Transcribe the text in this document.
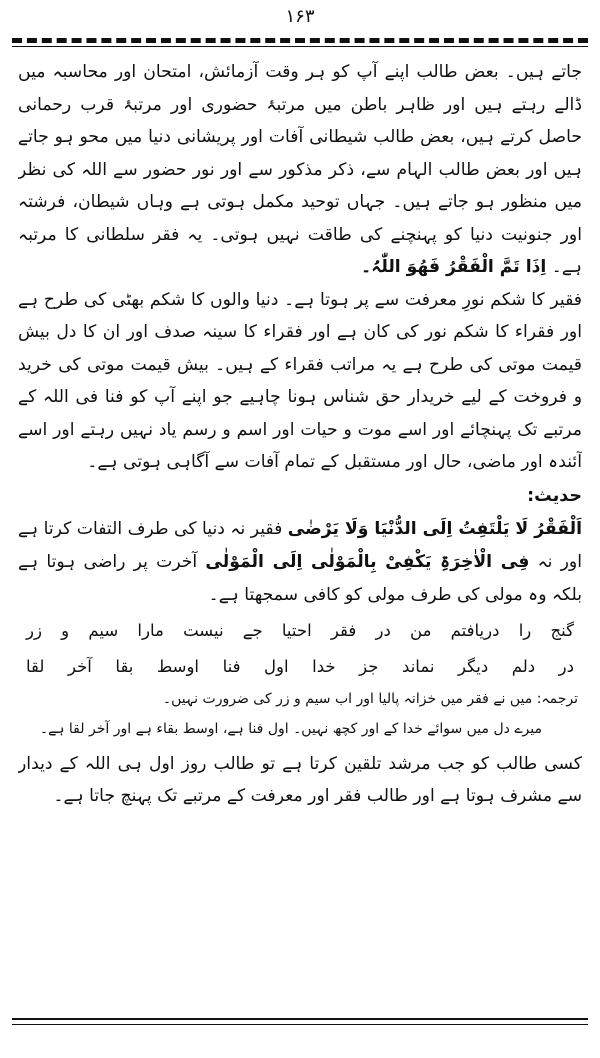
۱۶۳

جاتے ہیں۔ بعض طالب اپنے آپ کو ہر وقت آزمائش، امتحان اور محاسبہ میں ڈالے رہتے ہیں اور ظاہر باطن میں مرتبۂ حضوری اور مرتبۂ قرب رحمانی حاصل کرتے ہیں، بعض طالب شیطانی آفات اور پریشانی دنیا میں محو ہو جاتے ہیں اور بعض طالب الہام سے، ذکر مذکور سے اور نور حضور سے اللہ کی نظر میں منظور ہو جاتے ہیں۔ جہاں توحید مکمل ہوتی ہے وہاں شیطان، فرشتہ اور جنونیت دنیا کو پہنچنے کی طاقت نہیں ہوتی۔ یہ فقر سلطانی کا مرتبہ ہے۔ اِذَا تَمَّ الْفَقْرُ فَھُوَ اللّٰہُ۔

فقیر کا شکم نورِ معرفت سے پر ہوتا ہے۔ دنیا والوں کا شکم بھٹی کی طرح ہے اور فقراء کا شکم نور کی کان ہے اور فقراء کا سینہ صدف اور ان کا دل بیش قیمت موتی کی طرح ہے یہ مراتب فقراء کے ہیں۔ بیش قیمت موتی کی خرید و فروخت کے لیے خریدار حق شناس ہونا چاہیے جو اپنے آپ کو فنا فی اللہ کے مرتبے تک پہنچائے اور اسے موت و حیات اور اسم و رسم یاد نہیں رہتے اور اسے آئندہ اور ماضی، حال اور مستقبل کے تمام آفات سے آگاہی ہوتی ہے۔

حدیث:

اَلْفَقْرُ لَا یَلْتَفِتُ اِلَی الدُّنْیَا وَلَا یَرْضٰی فقیر نہ دنیا کی طرف التفات کرتا ہے اور نہ فِی الْاٰخِرَۃِ یَکْفِیْ بِالْمَوْلٰی اِلَی الْمَوْلٰی آخرت پر راضی ہوتا ہے بلکہ وہ مولی کی طرف مولی کو کافی سمجھتا ہے۔

گنج را دریافتم من در فقر احتیا جے نیست مارا سیم و زر

در دلم دیگر نماند جز خدا اول فنا اوسط بقا آخر لقا

ترجمہ: میں نے فقر میں خزانہ پالیا اور اب سیم و زر کی ضرورت نہیں۔

میرے دل میں سوائے خدا کے اور کچھ نہیں۔ اول فنا ہے، اوسط بقاء ہے اور آخر لقا ہے۔

کسی طالب کو جب مرشد تلقین کرتا ہے تو طالب روز اول ہی اللہ کے دیدار سے مشرف ہوتا ہے اور طالب فقر اور معرفت کے مرتبے تک پہنچ جاتا ہے۔
